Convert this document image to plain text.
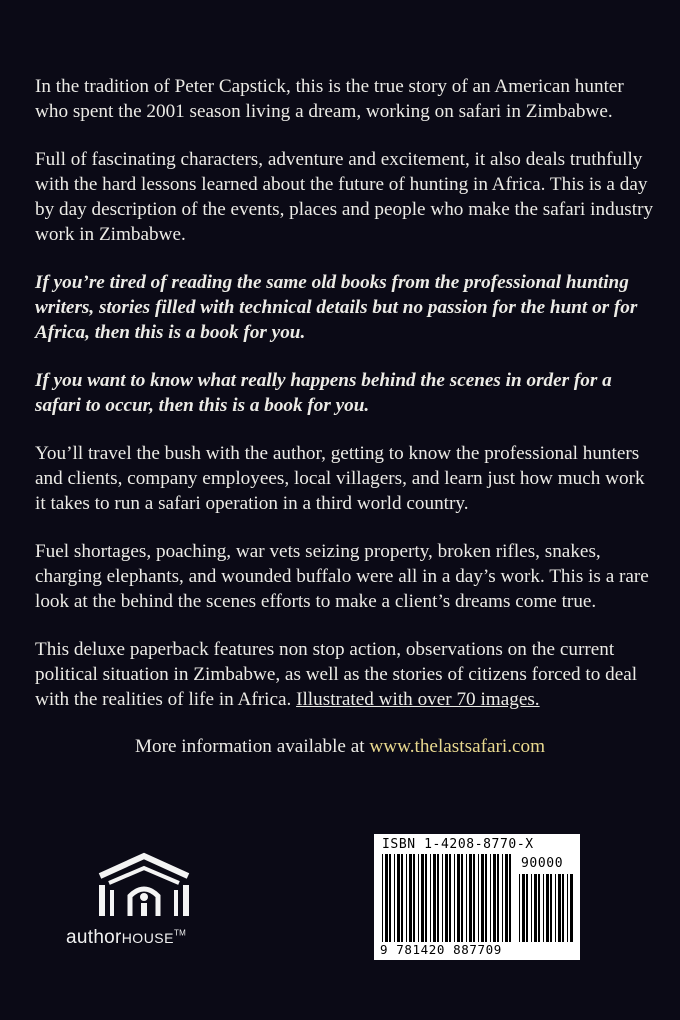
In the tradition of Peter Capstick, this is the true story of an American hunter who spent the 2001 season living a dream, working on safari in Zimbabwe.

Full of fascinating characters, adventure and excitement, it also deals truthfully with the hard lessons learned about the future of hunting in Africa. This is a day by day description of the events, places and people who make the safari industry work in Zimbabwe.

If you’re tired of reading the same old books from the professional hunting writers, stories filled with technical details but no passion for the hunt or for Africa, then this is a book for you.

If you want to know what really happens behind the scenes in order for a safari to occur, then this is a book for you.

You’ll travel the bush with the author, getting to know the professional hunters and clients, company employees, local villagers, and learn just how much work it takes to run a safari operation in a third world country.

Fuel shortages, poaching, war vets seizing property, broken rifles, snakes, charging elephants, and wounded buffalo were all in a day’s work. This is a rare look at the behind the scenes efforts to make a client’s dreams come true.

This deluxe paperback features non stop action, observations on the current political situation in Zimbabwe, as well as the stories of citizens forced to deal with the realities of life in Africa. Illustrated with over 70 images.

More information available at www.thelastsafari.com
authorHOUSE™
ISBN 1-4208-8770-X
90000
9 781420 887709
